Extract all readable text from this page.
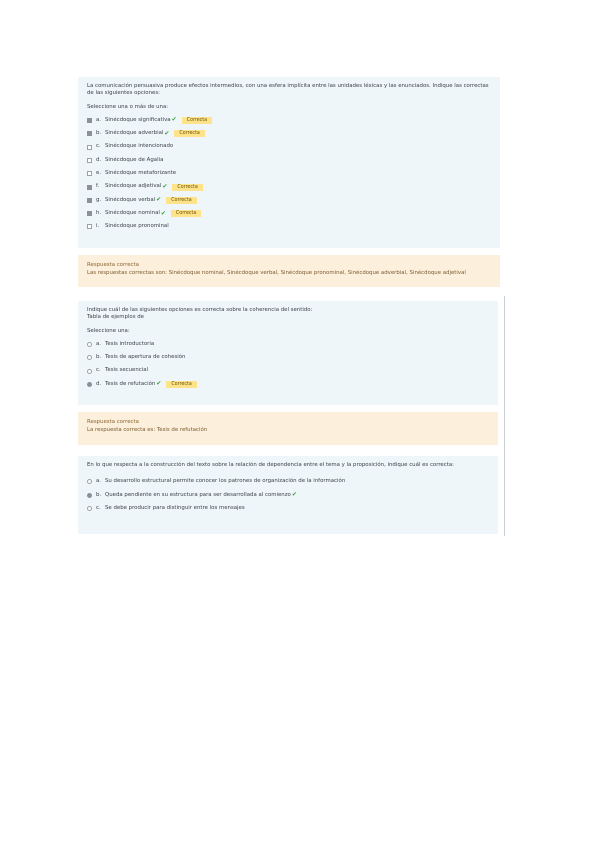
La comunicación persuasiva produce efectos intermedios, con una esfera implícita entre las unidades léxicas y las enunciados. Indique las correctas de las siguientes opciones:
Seleccione una o más de una:
a. Sinécdoque significativa ✔	Correcta
b. Sinécdoque adverbial ✔	Correcta
c. Sinécdoque intencionado
d. Sinécdoque de Agalia
e. Sinécdoque metaforizante
f.	Sinécdoque adjetival ✔	Correcta
g. Sinécdoque verbal ✔	Correcta
h. Sinécdoque nominal ✔	Correcta
i.	Sinécdoque pronominal
Respuesta correcta
Las respuestas correctas son: Sinécdoque nominal, Sinécdoque verbal, Sinécdoque pronominal, Sinécdoque adverbial, Sinécdoque adjetival
Indique cuál de las siguientes opciones es correcta sobre la coherencia del sentido:
Tabla de ejemplos de
Seleccione una:
a. Tesis introductoria
b. Tesis de apertura de cohesión
c. Tesis secuencial
d. Tesis de refutación ✔	Correcta
Respuesta correcta
La respuesta correcta es: Tesis de refutación
En lo que respecta a la construcción del texto sobre la relación de dependencia entre el tema y la proposición, indique cuál es correcta:
a. Su desarrollo estructural permite conocer los patrones de organización de la información
b. Queda pendiente en su estructura para ser desarrollada al comienzo ✔
c. Se debe producir para distinguir entre los mensajes
